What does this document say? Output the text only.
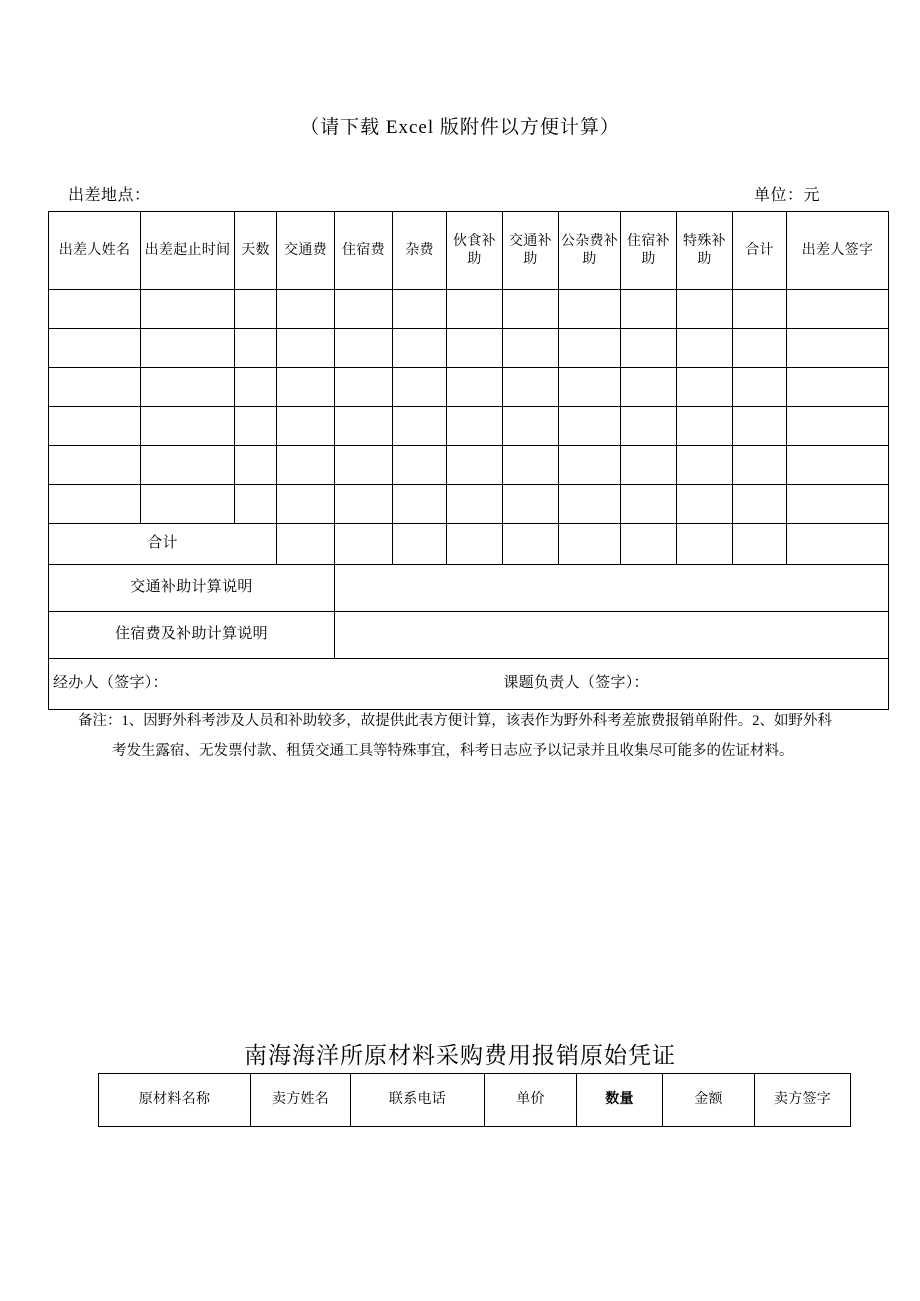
（请下载 Excel 版附件以方便计算）
出差地点：	单位：元
出差人姓名	出差起止时间	天数	交通费	住宿费	杂费	伙食补助	交通补助	公杂费补助	住宿补助	特殊补助	合计	出差人签字

合计												
交通补助计算说明												
住宿费及补助计算说明												

经办人（签字）： 课题负责人（签字）：												
备注：1、因野外科考涉及人员和补助较多，故提供此表方便计算，该表作为野外科考差旅费报销单附件。2、如野外科
考发生露宿、无发票付款、租赁交通工具等特殊事宜，科考日志应予以记录并且收集尽可能多的佐证材料。
南海海洋所原材料采购费用报销原始凭证
原材料名称	卖方姓名	联系电话	单价	数量	金额	卖方签字
